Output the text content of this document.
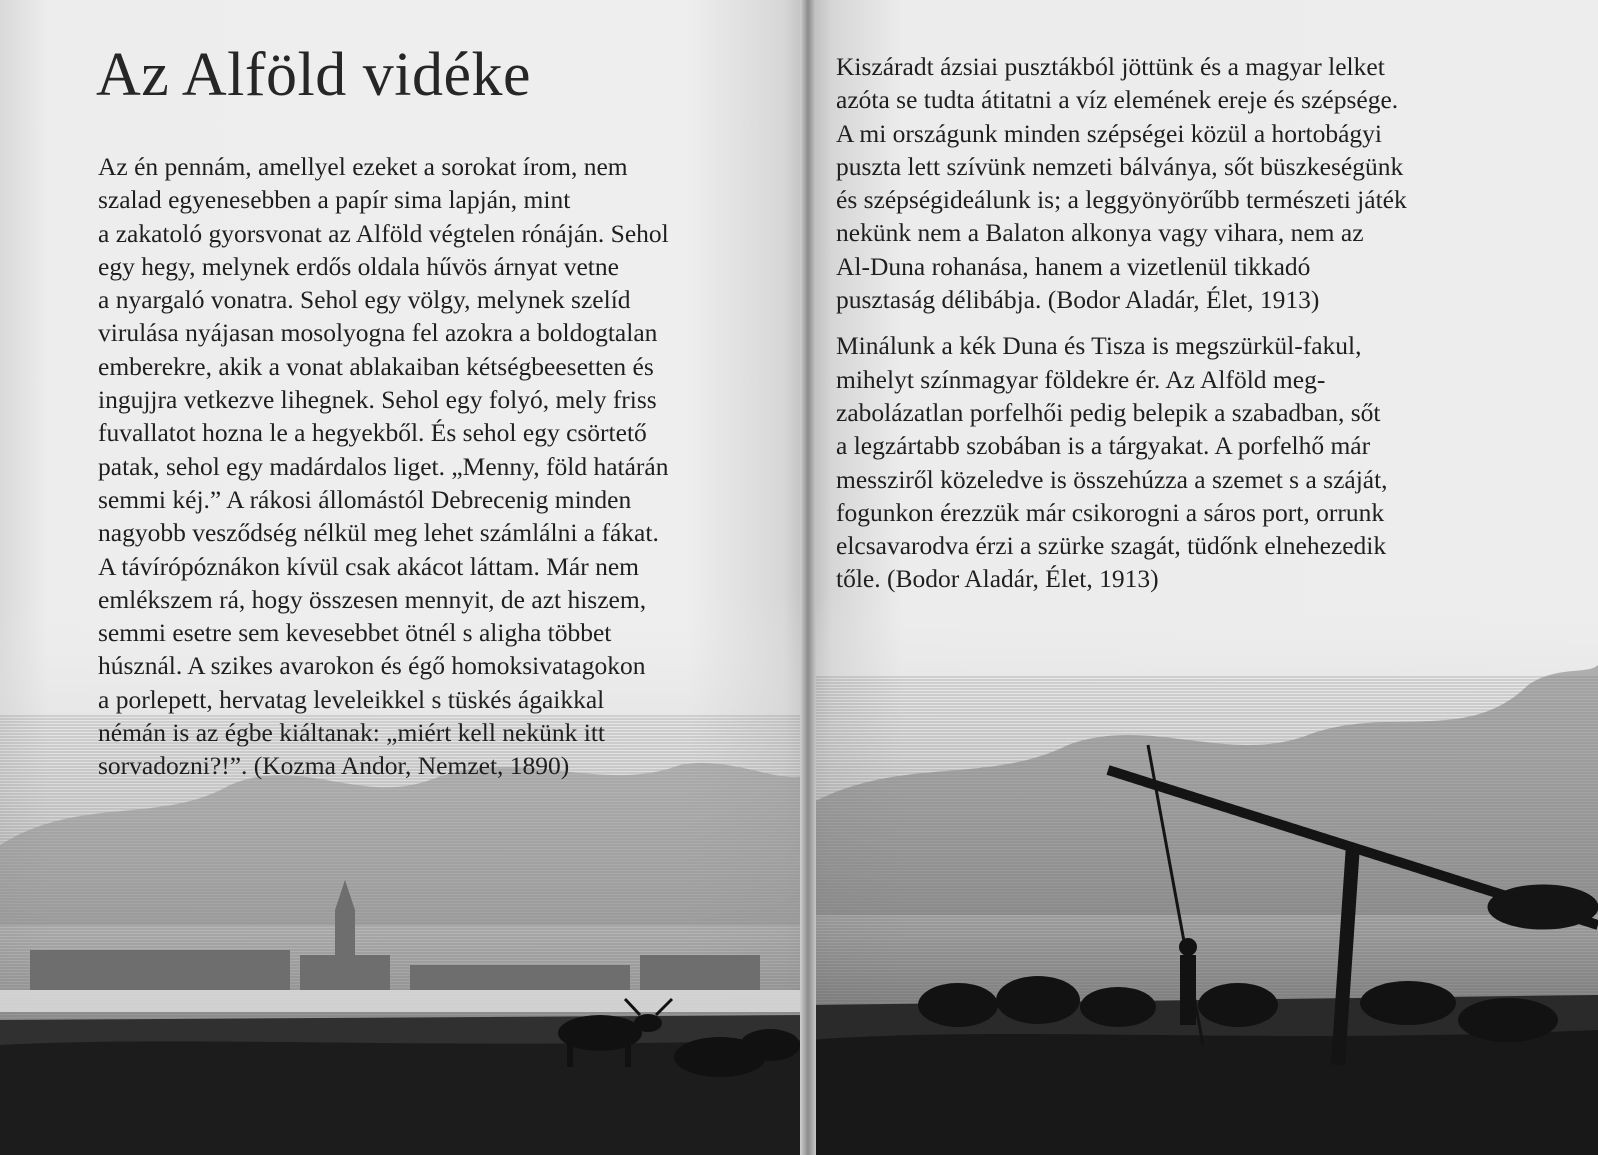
Az Alföld vidéke

Az én pennám, amellyel ezeket a sorokat írom, nem
szalad egyenesebben a papír sima lapján, mint
a zakatoló gyorsvonat az Alföld végtelen rónáján. Sehol
egy hegy, melynek erdős oldala hűvös árnyat vetne
a nyargaló vonatra. Sehol egy völgy, melynek szelíd
virulása nyájasan mosolyogna fel azokra a boldogtalan
emberekre, akik a vonat ablakaiban kétségbeesetten és
ingujjra vetkezve lihegnek. Sehol egy folyó, mely friss
fuvallatot hozna le a hegyekből. És sehol egy csörtető
patak, sehol egy madárdalos liget. „Menny, föld határán
semmi kéj.” A rákosi állomástól Debrecenig minden
nagyobb vesződség nélkül meg lehet számlálni a fákat.
A távírópóznákon kívül csak akácot láttam. Már nem
emlékszem rá, hogy összesen mennyit, de azt hiszem,
semmi esetre sem kevesebbet ötnél s aligha többet
húsznál. A szikes avarokon és égő homoksivatagokon
a porlepett, hervatag leveleikkel s tüskés ágaikkal
némán is az égbe kiáltanak: „miért kell nekünk itt
sorvadozni?!”. (Kozma Andor, Nemzet, 1890)

Kiszáradt ázsiai pusztákból jöttünk és a magyar lelket
azóta se tudta átitatni a víz elemének ereje és szépsége.
A mi országunk minden szépségei közül a hortobágyi
puszta lett szívünk nemzeti bálványa, sőt büszkeségünk
és szépségideálunk is; a leggyönyörűbb természeti játék
nekünk nem a Balaton alkonya vagy vihara, nem az
Al-Duna rohanása, hanem a vizetlenül tikkadó
pusztaság délibábja. (Bodor Aladár, Élet, 1913)

Minálunk a kék Duna és Tisza is megszürkül-fakul,
mihelyt színmagyar földekre ér. Az Alföld meg-
zabolázatlan porfelhői pedig belepik a szabadban, sőt
a legzártabb szobában is a tárgyakat. A porfelhő már
messziről közeledve is összehúzza a szemet s a száját,
fogunkon érezzük már csikorogni a sáros port, orrunk
elcsavarodva érzi a szürke szagát, tüdőnk elnehezedik
tőle. (Bodor Aladár, Élet, 1913)
